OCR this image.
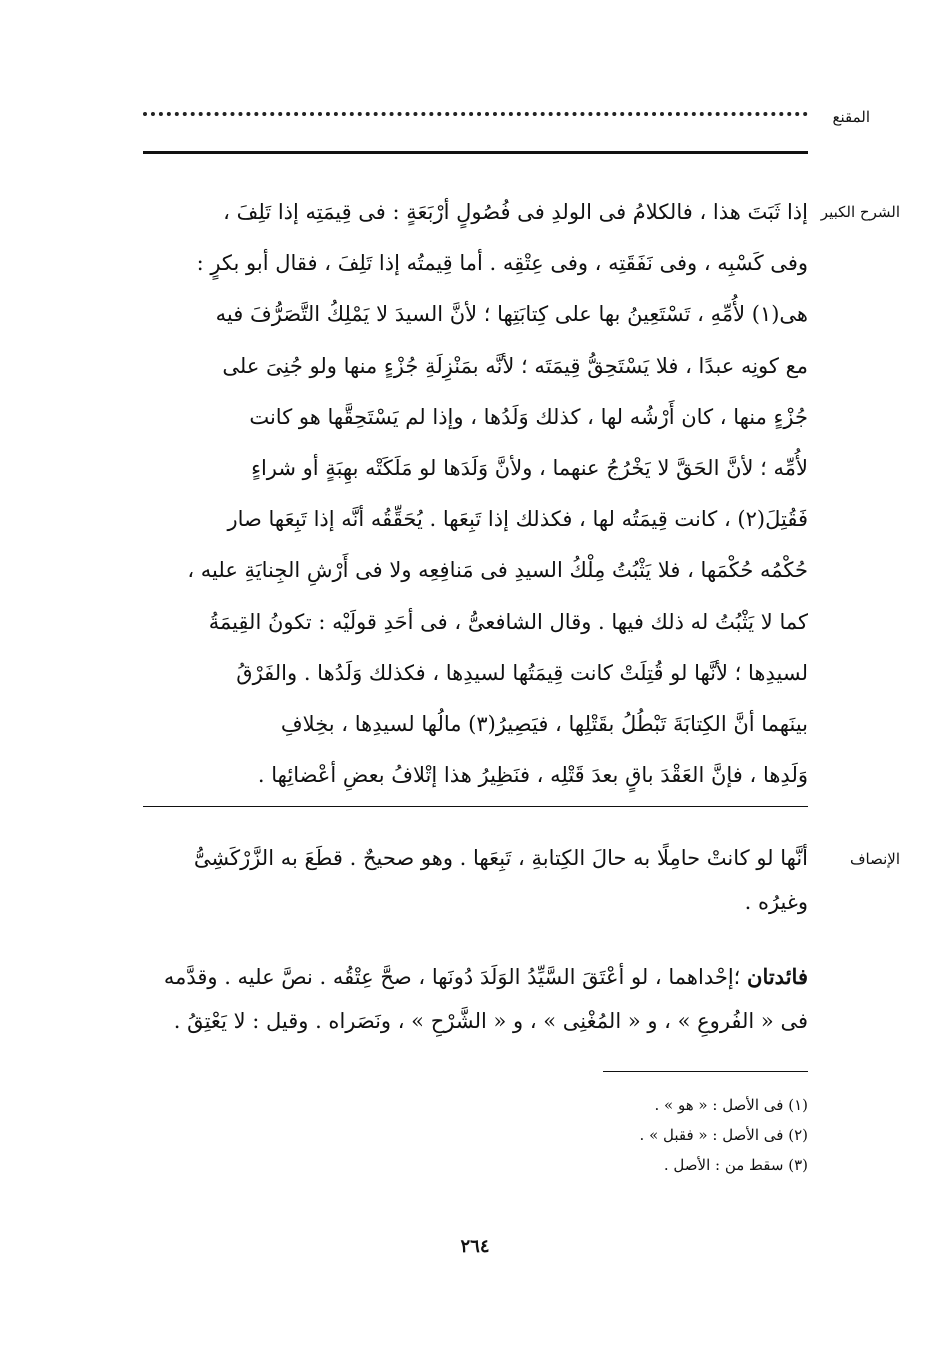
المقنع
الشرح الكبير
إذا ثَبَتَ هذا ، فالكلامُ فى الولدِ فى فُصُولٍ أرْبَعَةٍ : فى قِيمَتِه إذا تَلِفَ ،
وفى كَسْبِه ، وفى نَفَقَتِه ، وفى عِتْقِه . أما قِيمتُه إذا تَلِفَ ، فقال أبو بكرٍ :
هى(١) لأُمِّهِ ، تَسْتَعِينُ بها على كِتابَتِها ؛ لأنَّ السيدَ لا يَمْلِكُ التَّصَرُّفَ فيه
مع كونِه عبدًا ، فلا يَسْتَحِقُّ قِيمَتَه ؛ لأنَّه بمَنْزِلَةِ جُزْءٍ منها ولو جُنِىَ على
جُزْءٍ منها ، كان أَرْشُه لها ، كذلك وَلَدُها ، وإذا لم يَسْتَحِقَّها هو كانت
لأُمِّه ؛ لأنَّ الحَقَّ لا يَخْرُجُ عنهما ، ولأنَّ وَلَدَها لو مَلَكَتْه بهِبَةٍ أو شراءٍ
فَقُتِلَ(٢) ، كانت قِيمَتُه لها ، فكذلك إذا تَبِعَها . يُحَقِّقُه أنَّه إذا تَبِعَها صار
حُكْمُه حُكْمَها ، فلا يَثْبُتُ مِلْكُ السيدِ فى مَنافِعِه ولا فى أَرْشِ الجِنايَةِ عليه ،
كما لا يَثْبُتُ له ذلك فيها . وقال الشافعىُّ ، فى أحَدِ قولَيْه : تكونُ القِيمَةُ
لسيدِها ؛ لأنَّها لو قُتِلَتْ كانت قِيمَتُها لسيدِها ، فكذلك وَلَدُها . والفَرْقُ
بينَهما أنَّ الكِتابَةَ تَبْطُلُ بقَتْلِها ، فيَصِيرُ(٣) مالُها لسيدِها ، بخِلافِ
وَلَدِها ، فإنَّ العَقْدَ باقٍ بعدَ قَتْلِه ، فنَظِيرُ هذا إتْلافُ بعضِ أعْضائِها .
الإنصاف
أنَّها لو كانتْ حامِلًا به حالَ الكِتابةِ ، تَبِعَها . وهو صحيحٌ . قطَعَ به الزَّرْكَشِىُّ
وغيرُه .
فائدتان ؛إحْداهما ، لو أعْتَقَ السَّيِّدُ الوَلَدَ دُونَها ، صحَّ عِتْقُه . نصَّ عليه . وقدَّمه
فى « الفُروعِ » ، و « المُغْنِى » ، و « الشَّرْحِ » ، ونَصَراه . وقيل : لا يَعْتِقُ .
(١) فى الأصل : « هو » .
(٢) فى الأصل : « فقبل » .
(٣) سقط من : الأصل .
٢٦٤
